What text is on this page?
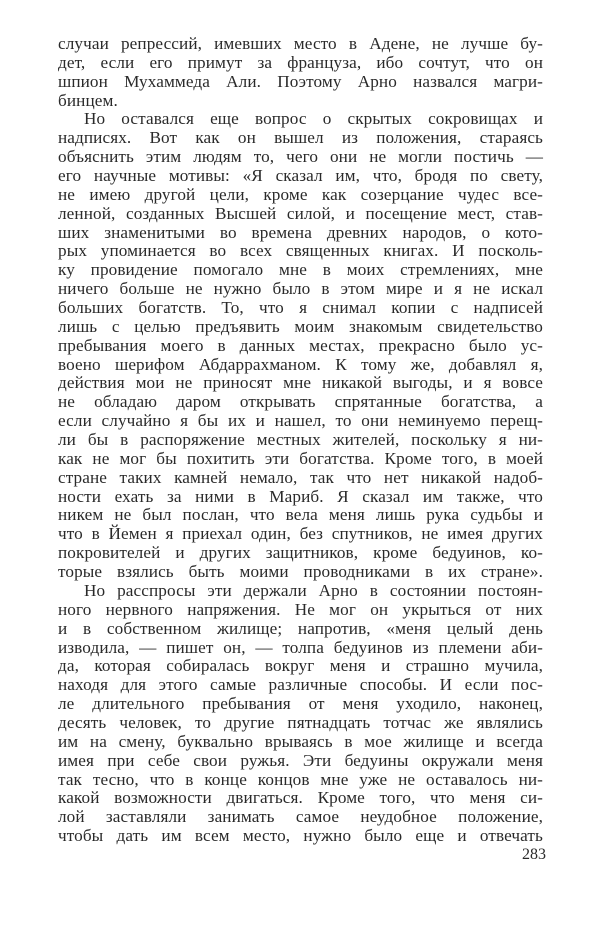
случаи репрессий, имевших место в Адене, не лучше бу-
дет, если его примут за француза, ибо сочтут, что он
шпион Мухаммеда Али. Поэтому Арно назвался магри-
бинцем.
Но оставался еще вопрос о скрытых сокровищах и
надписях. Вот как он вышел из положения, стараясь
объяснить этим людям то, чего они не могли постичь —
его научные мотивы: «Я сказал им, что, бродя по свету,
не имею другой цели, кроме как созерцание чудес все-
ленной, созданных Высшей силой, и посещение мест, став-
ших знаменитыми во времена древних народов, о кото-
рых упоминается во всех священных книгах. И посколь-
ку провидение помогало мне в моих стремлениях, мне
ничего больше не нужно было в этом мире и я не искал
больших богатств. То, что я снимал копии с надписей
лишь с целью предъявить моим знакомым свидетельство
пребывания моего в данных местах, прекрасно было ус-
воено шерифом Абдаррахманом. К тому же, добавлял я,
действия мои не приносят мне никакой выгоды, и я вовсе
не обладаю даром открывать спрятанные богатства, а
если случайно я бы их и нашел, то они неминуемо перещ-
ли бы в распоряжение местных жителей, поскольку я ни-
как не мог бы похитить эти богатства. Кроме того, в моей
стране таких камней немало, так что нет никакой надоб-
ности ехать за ними в Мариб. Я сказал им также, что
никем не был послан, что вела меня лишь рука судьбы и
что в Йемен я приехал один, без спутников, не имея других
покровителей и других защитников, кроме бедуинов, ко-
торые взялись быть моими проводниками в их стране».
Но расспросы эти держали Арно в состоянии постоян-
ного нервного напряжения. Не мог он укрыться от них
и в собственном жилище; напротив, «меня целый день
изводила, — пишет он, — толпа бедуинов из племени аби-
да, которая собиралась вокруг меня и страшно мучила,
находя для этого самые различные способы. И если пос-
ле длительного пребывания от меня уходило, наконец,
десять человек, то другие пятнадцать тотчас же являлись
им на смену, буквально врываясь в мое жилище и всегда
имея при себе свои ружья. Эти бедуины окружали меня
так тесно, что в конце концов мне уже не оставалось ни-
какой возможности двигаться. Кроме того, что меня си-
лой заставляли занимать самое неудобное положение,
чтобы дать им всем место, нужно было еще и отвечать
283
